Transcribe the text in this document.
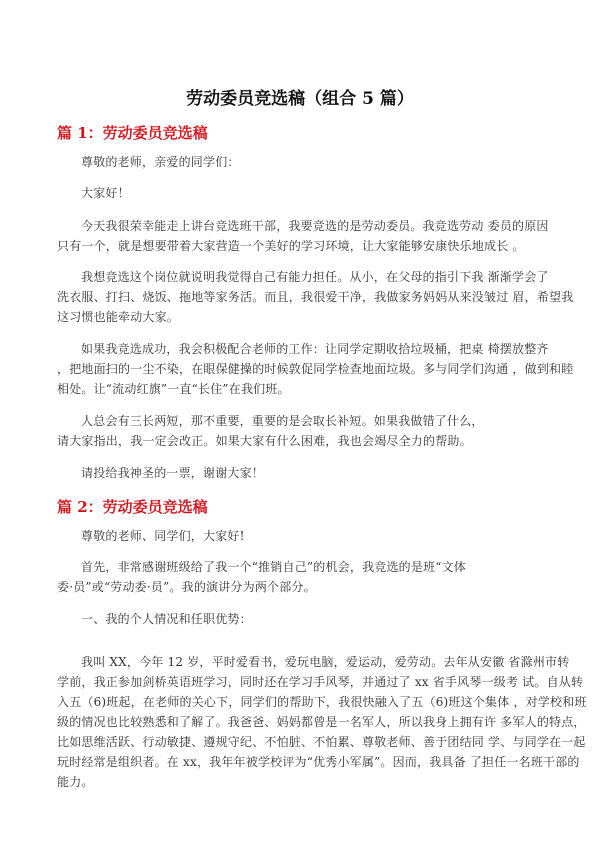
劳动委员竞选稿（组合 5 篇）
篇 1：劳动委员竞选稿
尊敬的老师，亲爱的同学们：
大家好！
今天我很荣幸能走上讲台竞选班干部，我要竞选的是劳动委员。我竞选劳动 委员的原因
只有一个，就是想要带着大家营造一个美好的学习环境，让大家能够安康快乐地成长 。
我想竞选这个岗位就说明我觉得自己有能力担任。从小，在父母的指引下我 渐渐学会了
洗衣服、打扫、烧饭、拖地等家务活。而且，我很爱干净，我做家务妈妈从来没皱过 眉，希望我
这习惯也能牵动大家。
如果我竞选成功，我会积极配合老师的工作：让同学定期收拾垃圾桶，把桌 椅摆放整齐
，把地面扫的一尘不染，在眼保健操的时候敦促同学检查地面垃圾。多与同学们沟通 ，做到和睦
相处。让“流动红旗”一直“长住”在我们班。
人总会有三长两短，那不重要，重要的是会取长补短。如果我做错了什么，
请大家指出，我一定会改正。如果大家有什么困难，我也会竭尽全力的帮助。
请投给我神圣的一票，谢谢大家！
篇 2：劳动委员竞选稿
尊敬的老师、同学们，大家好!
首先，非常感谢班级给了我一个“推销自己”的机会，我竞选的是班“文体
委·员”或“劳动委·员”。我的演讲分为两个部分。
一、我的个人情况和任职优势：
我叫 XX，今年 12 岁，平时爱看书，爱玩电脑，爱运动，爱劳动。去年从安徽 省滁州市转
学前，我正参加剑桥英语班学习，同时还在学习手风琴，并通过了 xx 省手风琴一级考 试。自从转
入五（6)班起，在老师的关心下，同学们的帮助下，我很快融入了五（6)班这个集体 ，对学校和班
级的情况也比较熟悉和了解了。我爸爸、妈妈都曾是一名军人，所以我身上拥有许 多军人的特点，
比如思维活跃、行动敏捷、遵规守纪、不怕脏、不怕累、尊敬老师、善于团结同 学、与同学在一起
玩时经常是组织者。在 xx，我年年被学校评为“优秀小军属”。因而，我具备 了担任一名班干部的
能力。
